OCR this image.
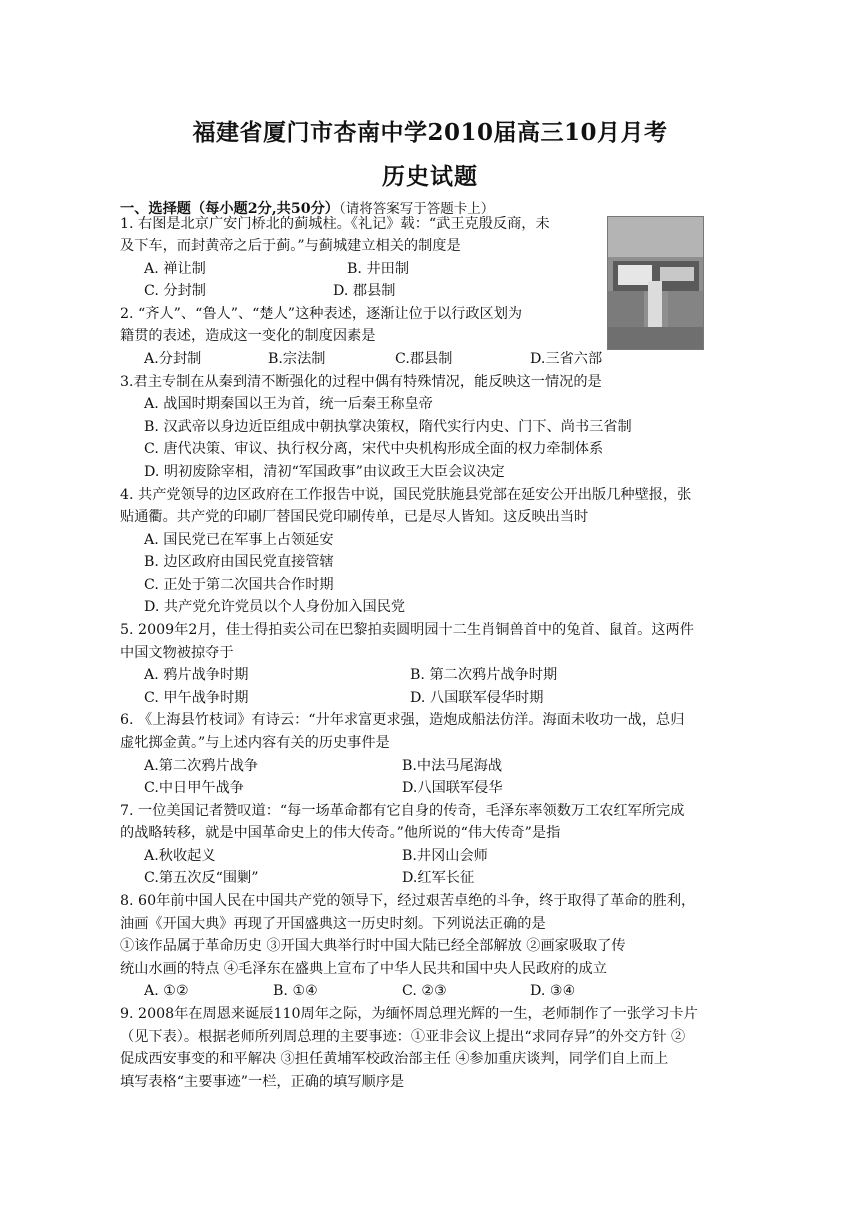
福建省厦门市杏南中学2010届高三10月月考
历史试题
一、选择题（每小题2分,共50分）（请将答案写于答题卡上）
1. 右图是北京广安门桥北的蓟城柱。《礼记》载：“武王克殷反商，未
及下车，而封黄帝之后于蓟。”与蓟城建立相关的制度是
A. 禅让制	B. 井田制
C. 分封制	D. 郡县制
2. “齐人”、“鲁人”、“楚人”这种表述，逐渐让位于以行政区划为
籍贯的表述，造成这一变化的制度因素是
A.分封制	B.宗法制	C.郡县制	D.三省六部
3.君主专制在从秦到清不断强化的过程中偶有特殊情况，能反映这一情况的是
A. 战国时期秦国以王为首，统一后秦王称皇帝
B. 汉武帝以身边近臣组成中朝执掌决策权，隋代实行内史、门下、尚书三省制
C. 唐代决策、审议、执行权分离，宋代中央机构形成全面的权力牵制体系
D. 明初废除宰相，清初“军国政事”由议政王大臣会议决定
4. 共产党领导的边区政府在工作报告中说，国民党肤施县党部在延安公开出版几种壁报，张
贴通衢。共产党的印刷厂替国民党印刷传单，已是尽人皆知。这反映出当时
A. 国民党已在军事上占领延安
B. 边区政府由国民党直接管辖
C. 正处于第二次国共合作时期
D. 共产党允许党员以个人身份加入国民党
5. 2009年2月，佳士得拍卖公司在巴黎拍卖圆明园十二生肖铜兽首中的兔首、鼠首。这两件
中国文物被掠夺于
A. 鸦片战争时期	B. 第二次鸦片战争时期
C. 甲午战争时期	D. 八国联军侵华时期
6. 《上海县竹枝词》有诗云：“廾年求富更求强，造炮成船法仿洋。海面未收功一战，总归
虚牝掷金黄。”与上述内容有关的历史事件是
A.第二次鸦片战争	B.中法马尾海战
C.中日甲午战争	D.八国联军侵华
7. 一位美国记者赞叹道：“每一场革命都有它自身的传奇，毛泽东率领数万工农红军所完成
的战略转移，就是中国革命史上的伟大传奇。”他所说的“伟大传奇”是指
A.秋收起义	B.井冈山会师
C.第五次反“围剿”	D.红军长征
8. 60年前中国人民在中国共产党的领导下，经过艰苦卓绝的斗争，终于取得了革命的胜利，
油画《开国大典》再现了开国盛典这一历史时刻。下列说法正确的是
①该作品属于革命历史 ③开国大典举行时中国大陆已经全部解放 ②画家吸取了传
统山水画的特点 ④毛泽东在盛典上宣布了中华人民共和国中央人民政府的成立
A. ①②	B. ①④	C. ②③	D. ③④
9. 2008年在周恩来诞辰110周年之际，为缅怀周总理光辉的一生，老师制作了一张学习卡片
（见下表）。根据老师所列周总理的主要事迹：①亚非会议上提出“求同存异”的外交方针 ②
促成西安事变的和平解决 ③担任黄埔军校政治部主任 ④参加重庆谈判，同学们自上而上
填写表格“主要事迹”一栏，正确的填写顺序是
